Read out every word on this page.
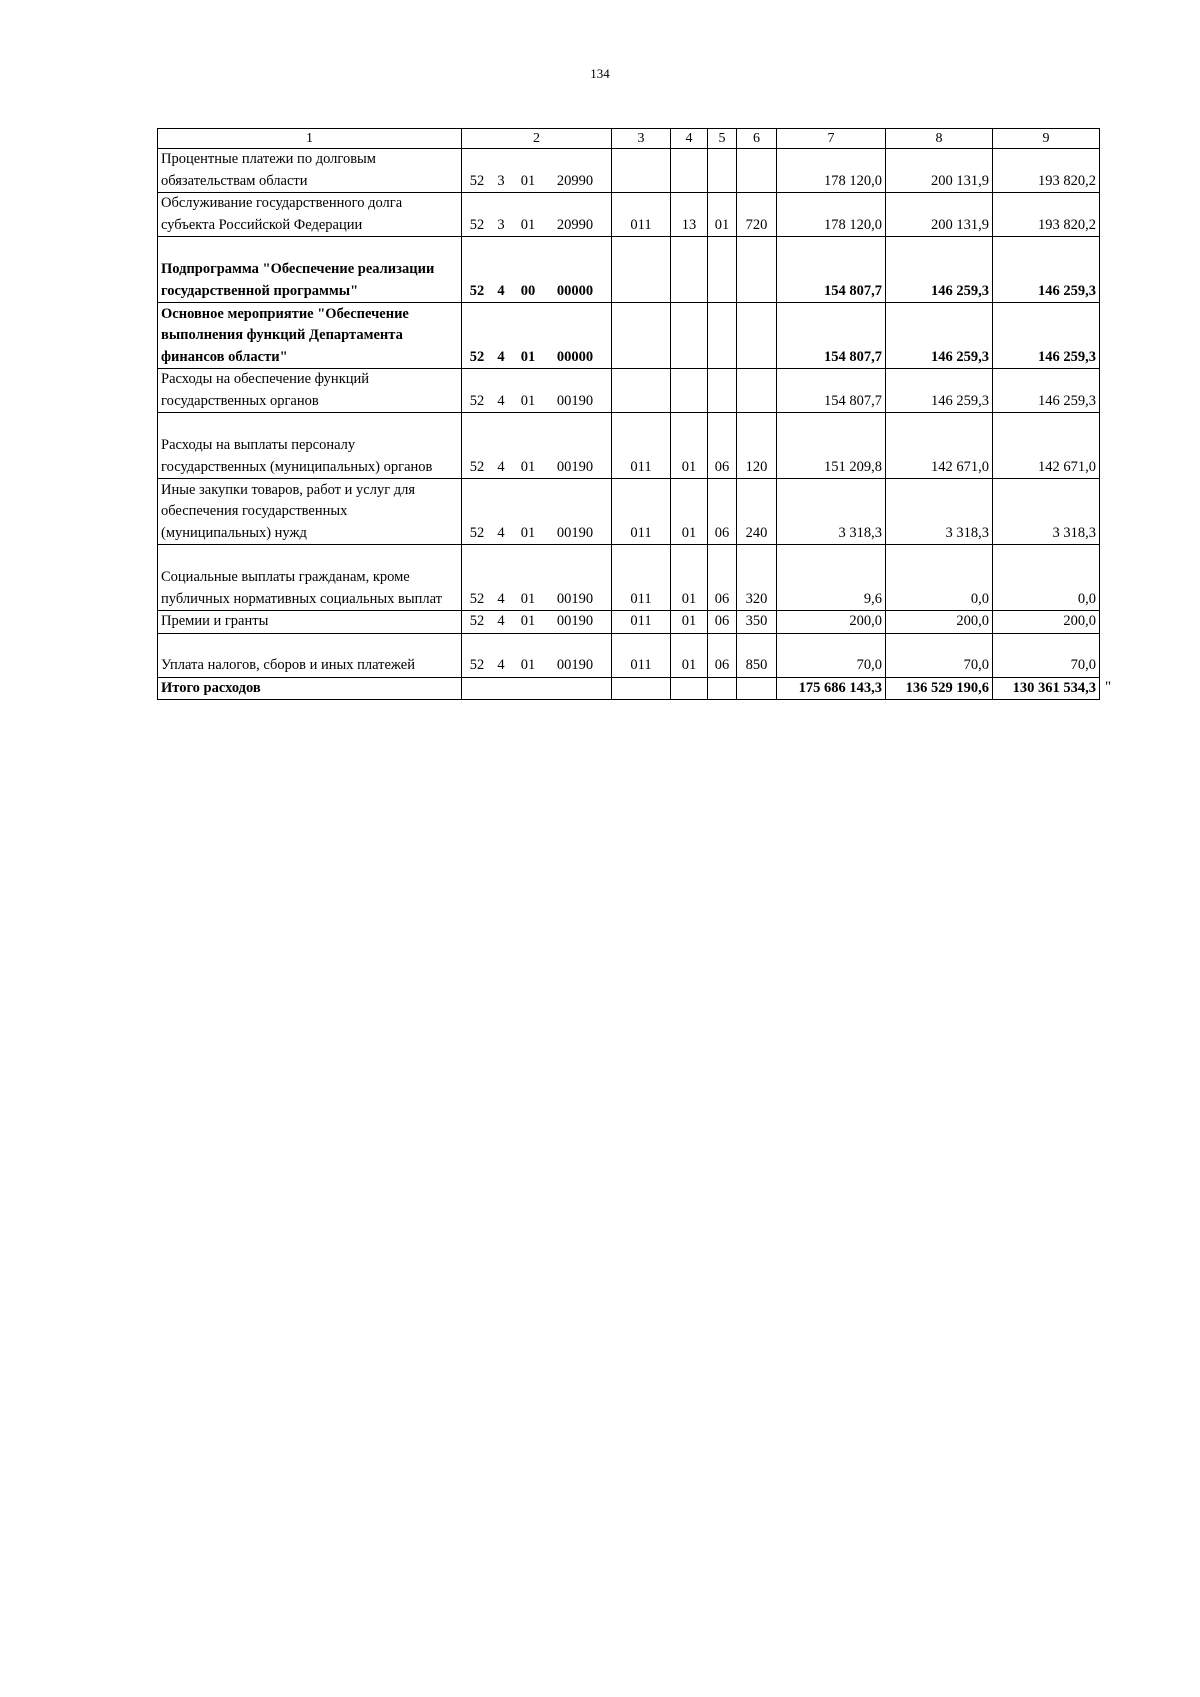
134
1	2	3	4	5	6	7	8	9
Процентные платежи по долговым обязательствам области	52 3 01 20990					178 120,0	200 131,9	193 820,2
Обслуживание государственного долга субъекта Российской Федерации	52 3 01 20990	011	13	01	720	178 120,0	200 131,9	193 820,2
Подпрограмма "Обеспечение реализации государственной программы"	52 4 00 00000					154 807,7	146 259,3	146 259,3
Основное мероприятие "Обеспечение выполнения функций Департамента финансов области"	52 4 01 00000					154 807,7	146 259,3	146 259,3
Расходы на обеспечение функций государственных органов	52 4 01 00190					154 807,7	146 259,3	146 259,3
Расходы на выплаты персоналу государственных (муниципальных) органов	52 4 01 00190	011	01	06	120	151 209,8	142 671,0	142 671,0
Иные закупки товаров, работ и услуг для обеспечения государственных (муниципальных) нужд	52 4 01 00190	011	01	06	240	3 318,3	3 318,3	3 318,3
Социальные выплаты гражданам, кроме публичных нормативных социальных выплат	52 4 01 00190	011	01	06	320	9,6	0,0	0,0
Премии и гранты	52 4 01 00190	011	01	06	350	200,0	200,0	200,0
Уплата налогов, сборов и иных платежей	52 4 01 00190	011	01	06	850	70,0	70,0	70,0
Итого расходов						175 686 143,3	136 529 190,6	130 361 534,3 "
